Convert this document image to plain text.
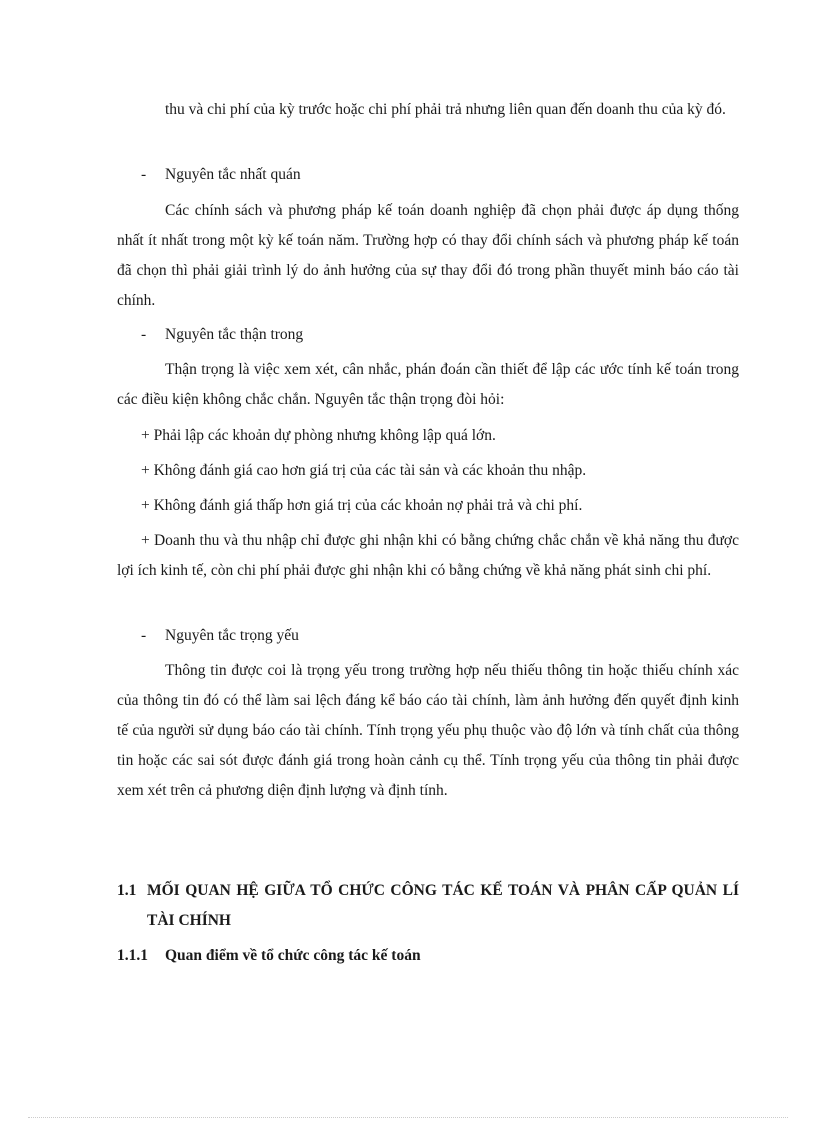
thu và chi phí của kỳ trước hoặc chi phí phải trả nhưng liên quan đến doanh thu của kỳ đó.

- Nguyên tắc nhất quán

Các chính sách và phương pháp kế toán doanh nghiệp đã chọn phải được áp dụng thống nhất ít nhất trong một kỳ kế toán năm. Trường hợp có thay đổi chính sách và phương pháp kế toán đã chọn thì phải giải trình lý do ảnh hưởng của sự thay đổi đó trong phần thuyết minh báo cáo tài chính.

- Nguyên tắc thận trong

Thận trọng là việc xem xét, cân nhắc, phán đoán cần thiết để lập các ước tính kế toán trong các điều kiện không chắc chắn. Nguyên tắc thận trọng đòi hỏi:

+ Phải lập các khoản dự phòng nhưng không lập quá lớn.

+ Không đánh giá cao hơn giá trị của các tài sản và các khoản thu nhập.

+ Không đánh giá thấp hơn giá trị của các khoản nợ phải trả và chi phí.

+ Doanh thu và thu nhập chỉ được ghi nhận khi có bằng chứng chắc chắn về khả năng thu được lợi ích kinh tế, còn chi phí phải được ghi nhận khi có bằng chứng về khả năng phát sinh chi phí.

- Nguyên tắc trọng yếu

Thông tin được coi là trọng yếu trong trường hợp nếu thiếu thông tin hoặc thiếu chính xác của thông tin đó có thể làm sai lệch đáng kể báo cáo tài chính, làm ảnh hưởng đến quyết định kinh tế của người sử dụng báo cáo tài chính. Tính trọng yếu phụ thuộc vào độ lớn và tính chất của thông tin hoặc các sai sót được đánh giá trong hoàn cảnh cụ thể. Tính trọng yếu của thông tin phải được xem xét trên cả phương diện định lượng và định tính.

1.1 MỐI QUAN HỆ GIỮA TỔ CHỨC CÔNG TÁC KẾ TOÁN VÀ PHÂN CẤP QUẢN LÍ TÀI CHÍNH
1.1.1 Quan điểm về tổ chức công tác kế toán
